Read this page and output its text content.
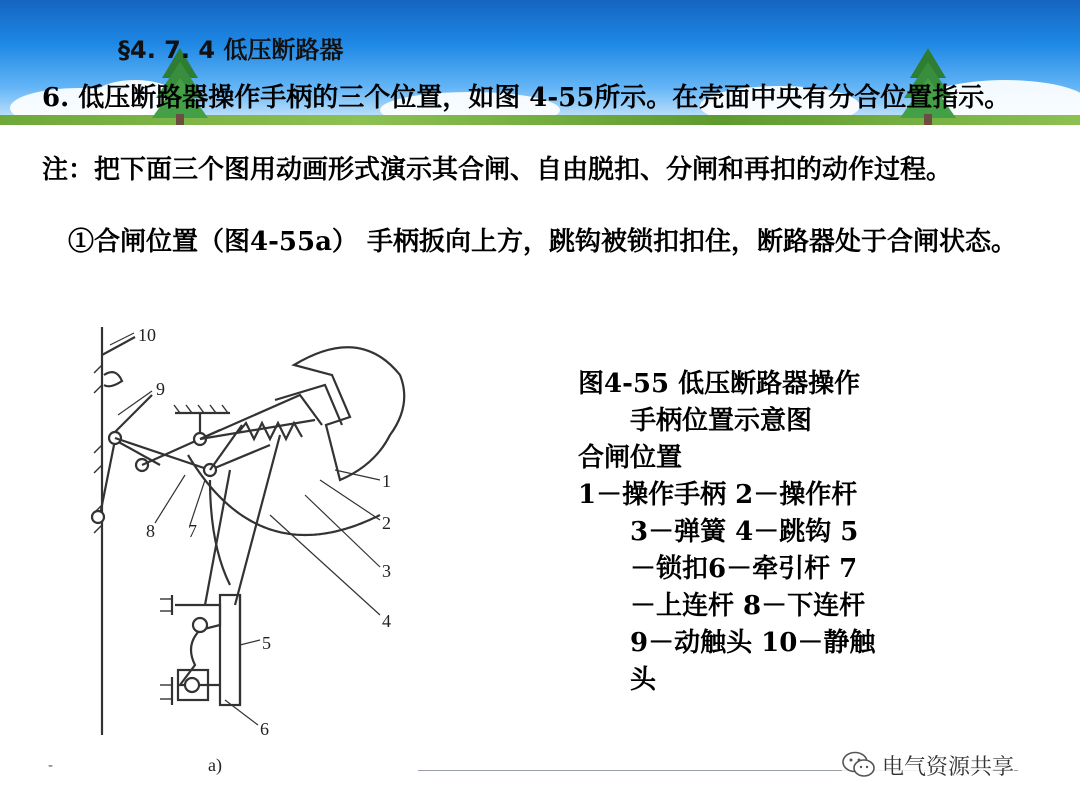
§4. 7. 4 低压断路器

6. 低压断路器操作手柄的三个位置，如图 4-55所示。在壳面中央有分合位置指示。

注：把下面三个图用动画形式演示其合闸、自由脱扣、分闸和再扣的动作过程。

①合闸位置（图4-55a） 手柄扳向上方，跳钩被锁扣扣住，断路器处于合闸状态。

10
9
1
2
3
4
5
6
7
8
a)
图4-55 低压断路器操作
手柄位置示意图
合闸位置
1－操作手柄 2－操作杆
3－弹簧 4－跳钩 5
－锁扣6－牵引杆 7
－上连杆 8－下连杆
9－动触头 10－静触
头
-	电气资源共享
